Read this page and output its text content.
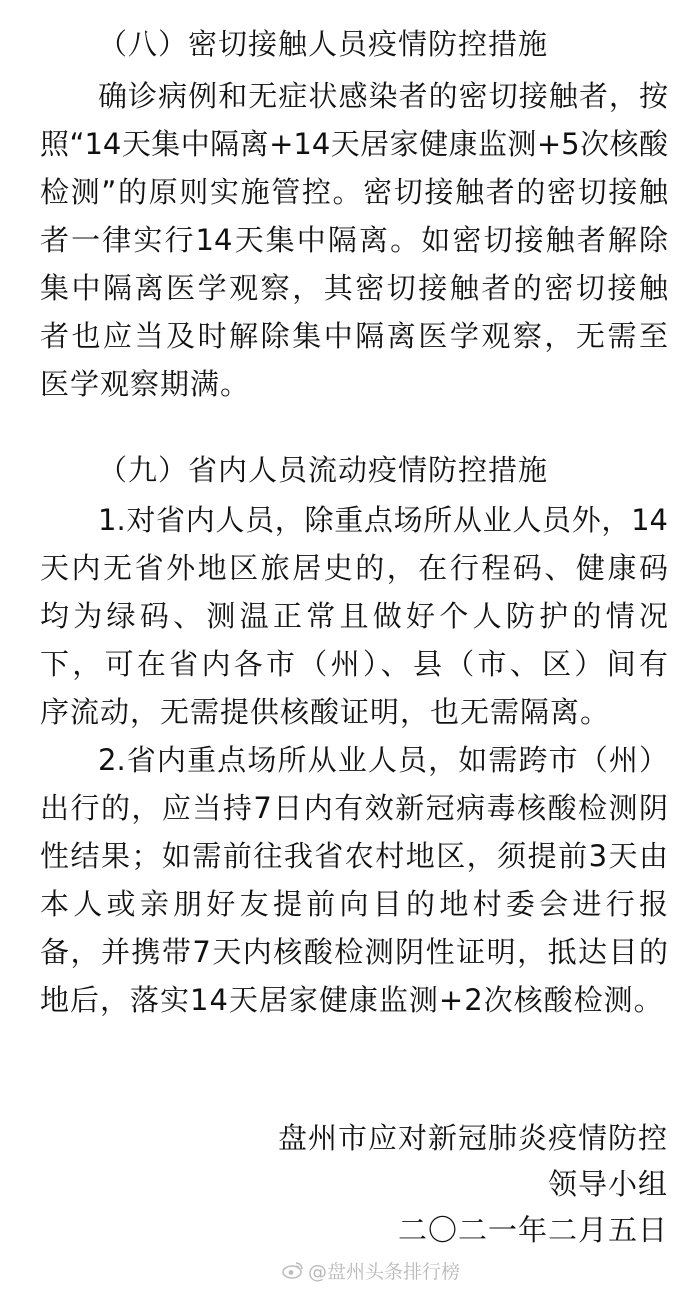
（八）密切接触人员疫情防控措施
确诊病例和无症状感染者的密切接触者，按
照“14天集中隔离+14天居家健康监测+5次核酸
检测”的原则实施管控。密切接触者的密切接触
者一律实行14天集中隔离。如密切接触者解除
集中隔离医学观察，其密切接触者的密切接触
者也应当及时解除集中隔离医学观察，无需至
医学观察期满。
（九）省内人员流动疫情防控措施
1.对省内人员，除重点场所从业人员外，14
天内无省外地区旅居史的，在行程码、健康码
均为绿码、测温正常且做好个人防护的情况
下，可在省内各市（州）、县（市、区）间有
序流动，无需提供核酸证明，也无需隔离。
2.省内重点场所从业人员，如需跨市（州）
出行的，应当持7日内有效新冠病毒核酸检测阴
性结果；如需前往我省农村地区，须提前3天由
本人或亲朋好友提前向目的地村委会进行报
备，并携带7天内核酸检测阴性证明，抵达目的
地后，落实14天居家健康监测+2次核酸检测。
盘州市应对新冠肺炎疫情防控
领导小组
二〇二一年二月五日
@盘州头条排行榜
